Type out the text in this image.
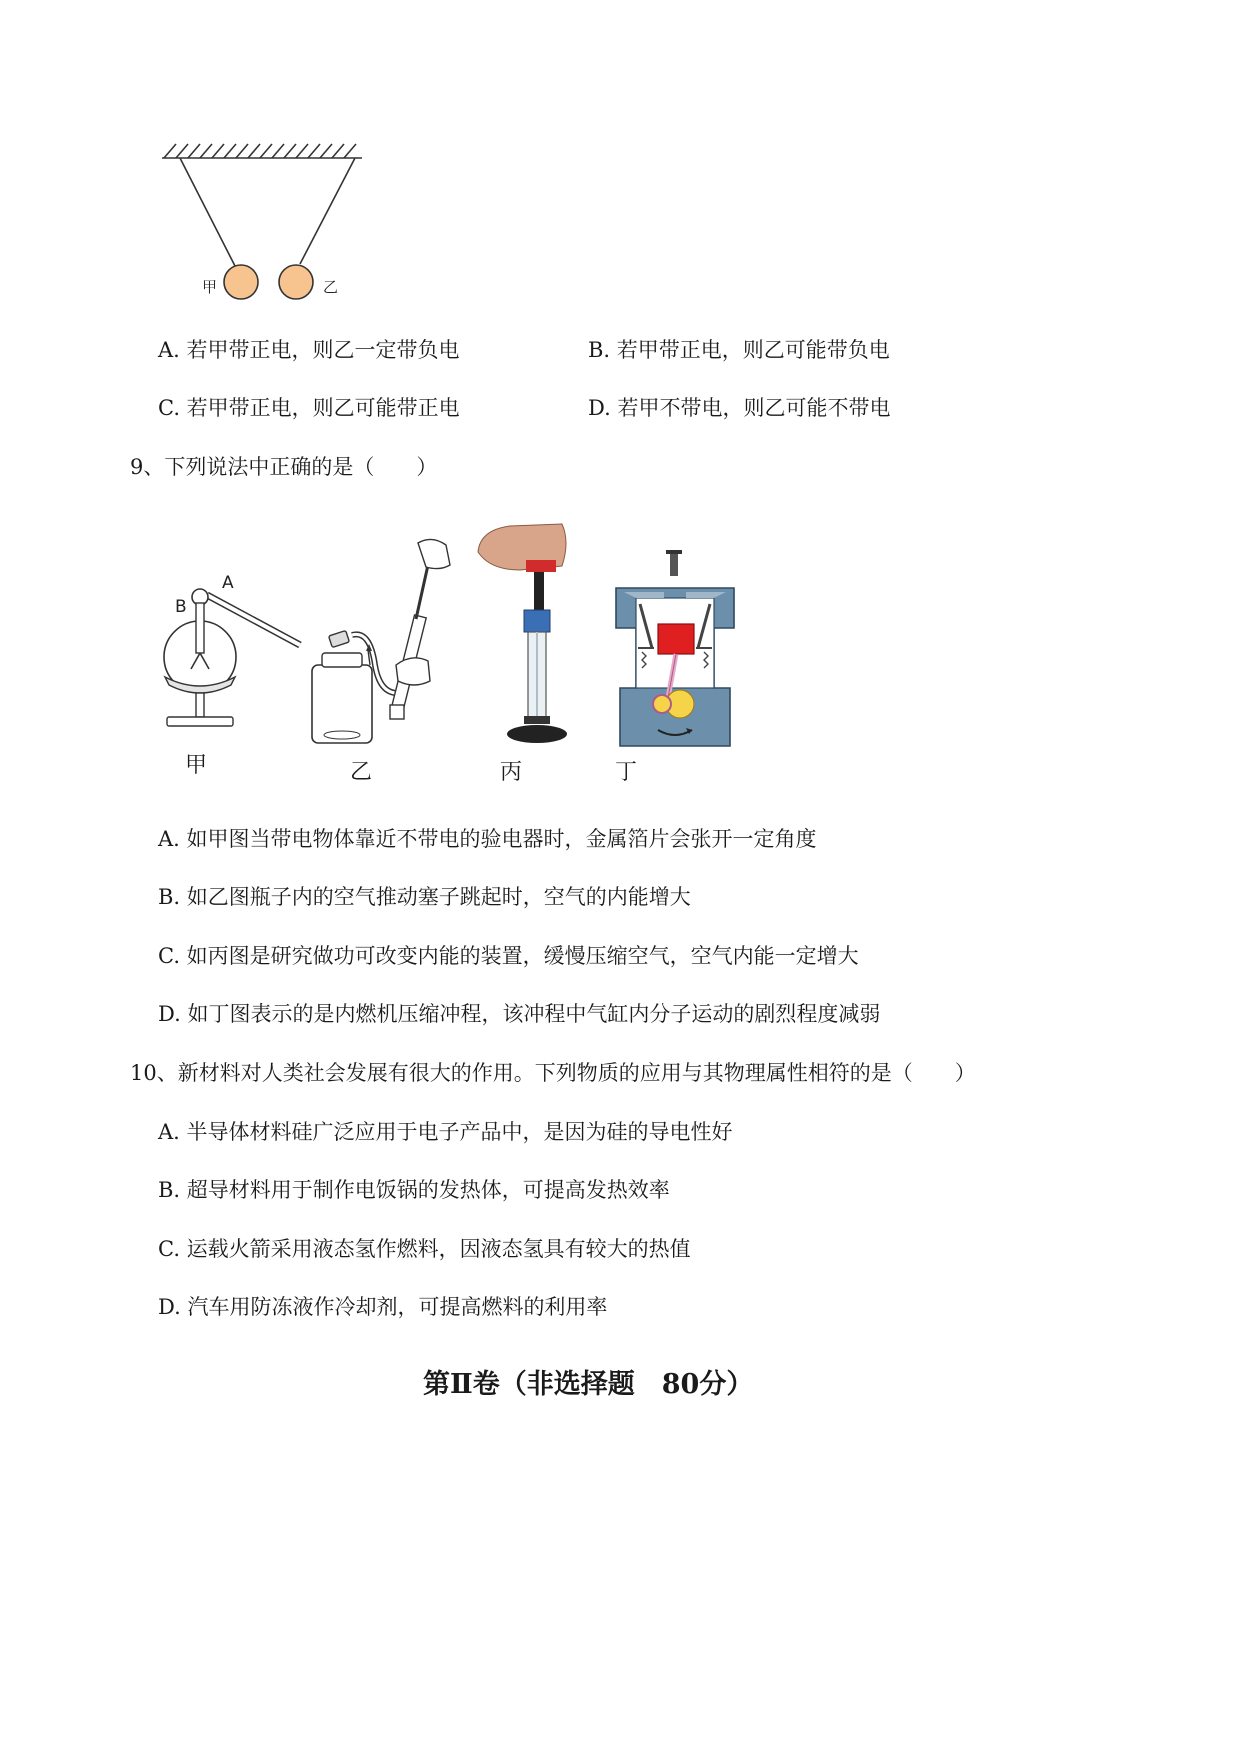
甲	乙
A. 若甲带正电，则乙一定带负电	B. 若甲带正电，则乙可能带负电
C. 若甲带正电，则乙可能带正电	D. 若甲不带电，则乙可能不带电
9、下列说法中正确的是（　　）
A
B
甲	乙	丙	丁
A. 如甲图当带电物体靠近不带电的验电器时，金属箔片会张开一定角度
B. 如乙图瓶子内的空气推动塞子跳起时，空气的内能增大
C. 如丙图是研究做功可改变内能的装置，缓慢压缩空气，空气内能一定增大
D. 如丁图表示的是内燃机压缩冲程，该冲程中气缸内分子运动的剧烈程度减弱
10、新材料对人类社会发展有很大的作用。下列物质的应用与其物理属性相符的是（　　）
A. 半导体材料硅广泛应用于电子产品中，是因为硅的导电性好
B. 超导材料用于制作电饭锅的发热体，可提高发热效率
C. 运载火箭采用液态氢作燃料，因液态氢具有较大的热值
D. 汽车用防冻液作冷却剂，可提高燃料的利用率
第Ⅱ卷（非选择题　80分）
